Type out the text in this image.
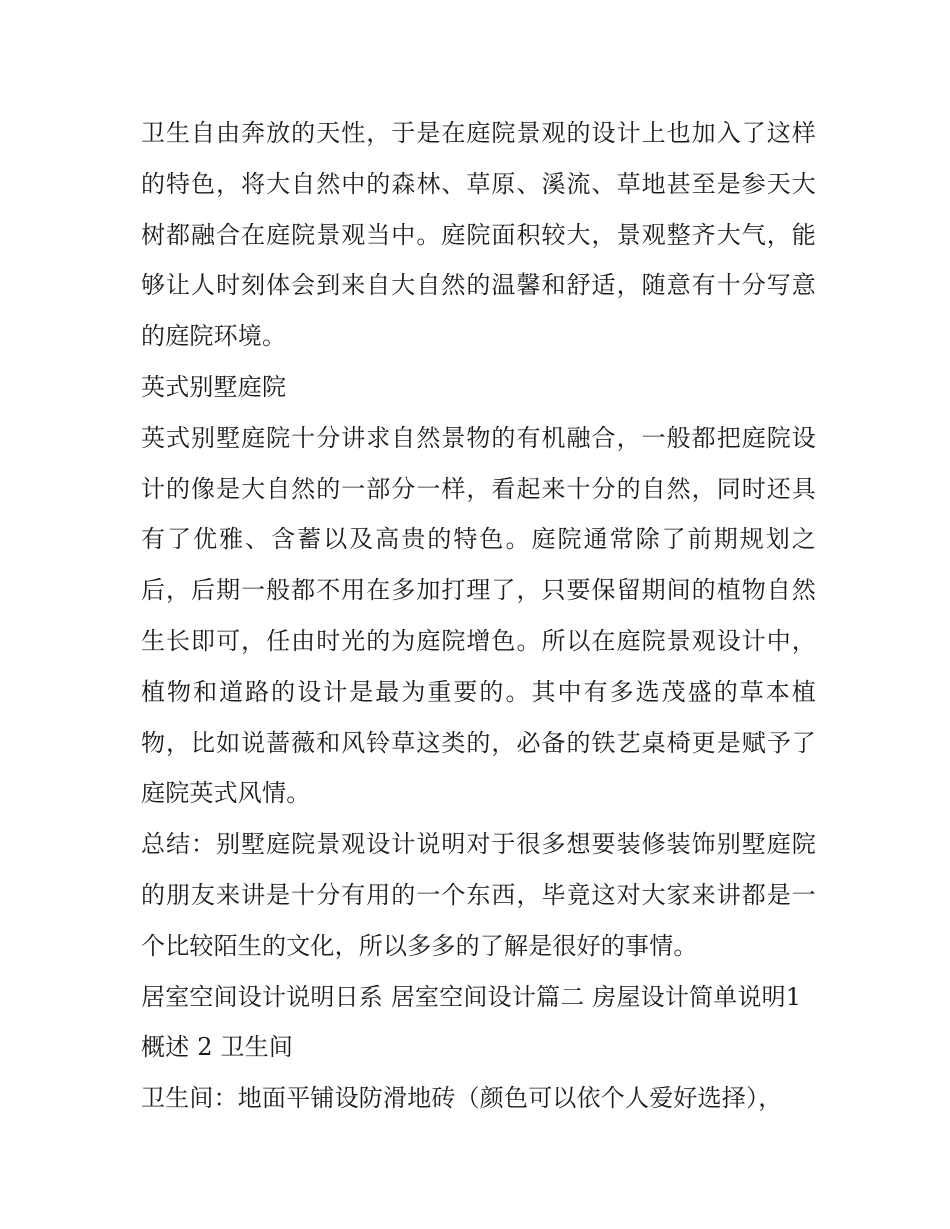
卫生自由奔放的天性，于是在庭院景观的设计上也加入了这样的特色，将大自然中的森林、草原、溪流、草地甚至是参天大树都融合在庭院景观当中。庭院面积较大，景观整齐大气，能够让人时刻体会到来自大自然的温馨和舒适，随意有十分写意的庭院环境。

英式别墅庭院

英式别墅庭院十分讲求自然景物的有机融合，一般都把庭院设计的像是大自然的一部分一样，看起来十分的自然，同时还具有了优雅、含蓄以及高贵的特色。庭院通常除了前期规划之后，后期一般都不用在多加打理了，只要保留期间的植物自然生长即可，任由时光的为庭院增色。所以在庭院景观设计中，植物和道路的设计是最为重要的。其中有多选茂盛的草本植物，比如说蔷薇和风铃草这类的，必备的铁艺桌椅更是赋予了庭院英式风情。

总结：别墅庭院景观设计说明对于很多想要装修装饰别墅庭院的朋友来讲是十分有用的一个东西，毕竟这对大家来讲都是一个比较陌生的文化，所以多多的了解是很好的事情。

居室空间设计说明日系 居室空间设计篇二 房屋设计简单说明1概述 2 卫生间

卫生间：地面平铺设防滑地砖（颜色可以依个人爱好选择），
